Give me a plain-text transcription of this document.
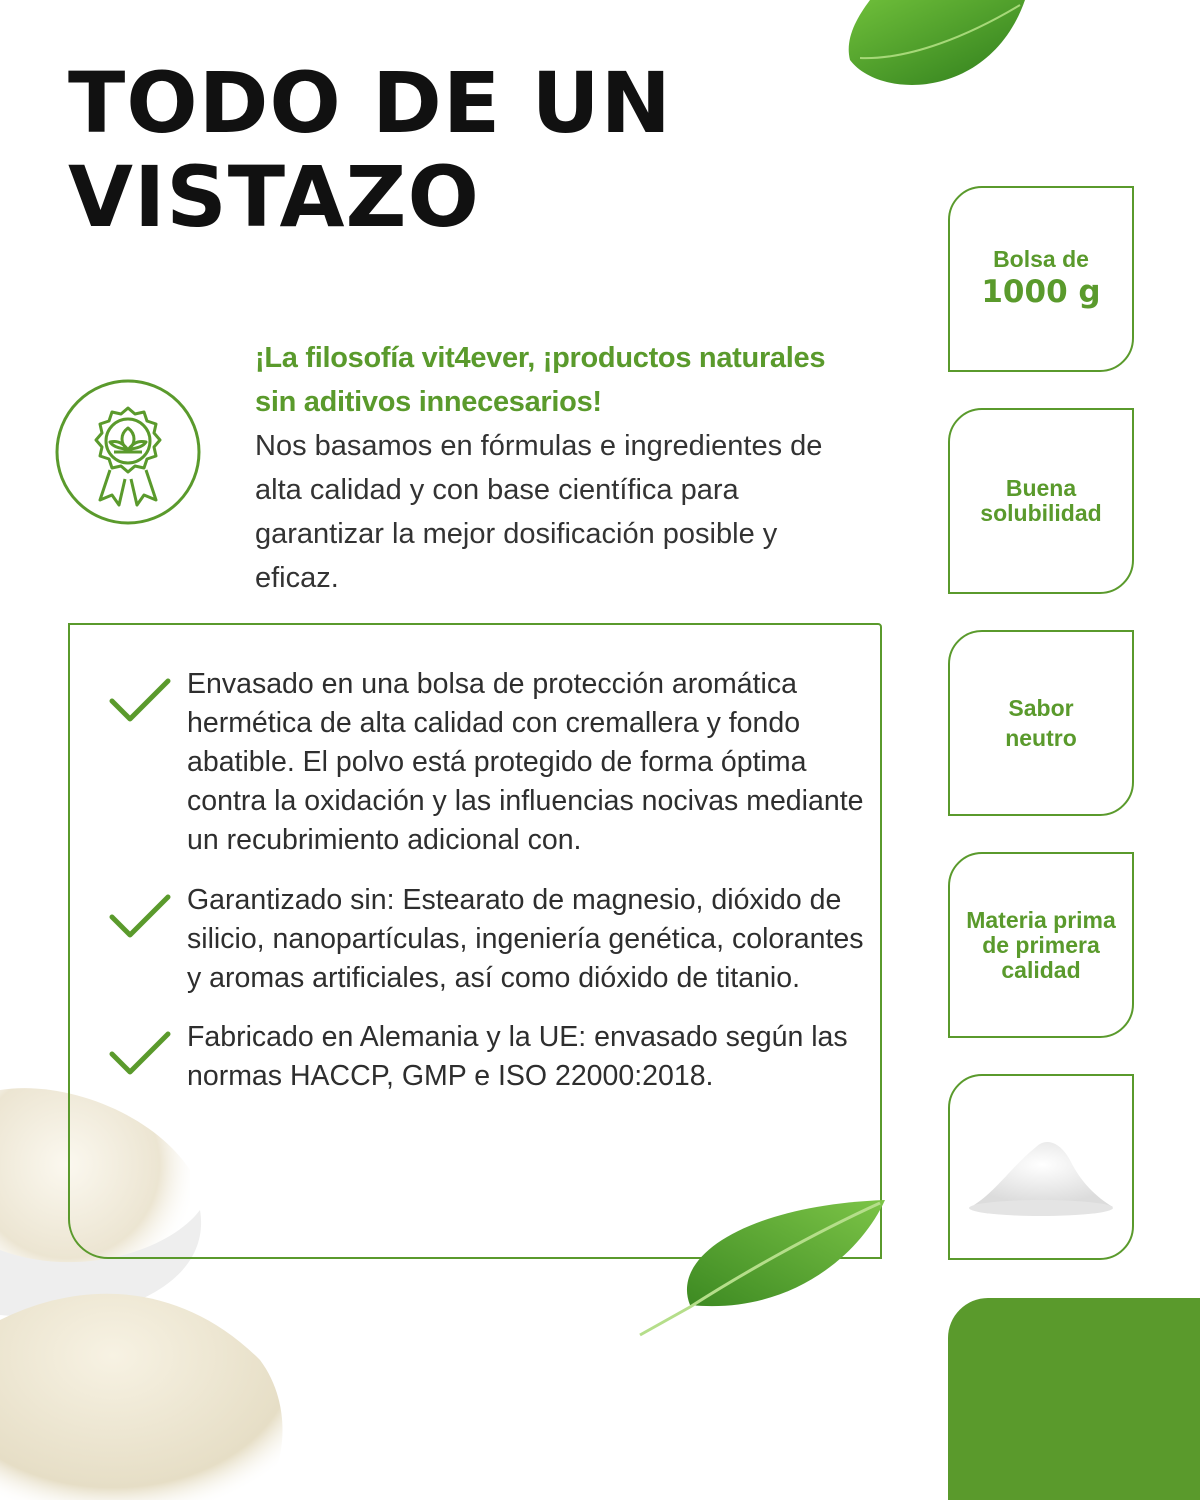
TODO DE UN
VISTAZO
¡La filosofía vit4ever, ¡productos naturales sin aditivos innecesarios!
Nos basamos en fórmulas e ingredientes de alta calidad y con base científica para garantizar la mejor dosificación posible y eficaz.
Envasado en una bolsa de protección aromática hermética de alta calidad con cremallera y fondo abatible. El polvo está protegido de forma óptima contra la oxidación y las influencias nocivas mediante un recubrimiento adicional con.
Garantizado sin: Estearato de magnesio, dióxido de silicio, nanopartículas, ingeniería genética, colorantes y aromas artificiales, así como dióxido de titanio.
Fabricado en Alemania y la UE: envasado según las normas HACCP, GMP e ISO 22000:2018.
Bolsa de
1000 g
Buena
solubilidad
Sabor
neutro
Materia prima
de primera
calidad
